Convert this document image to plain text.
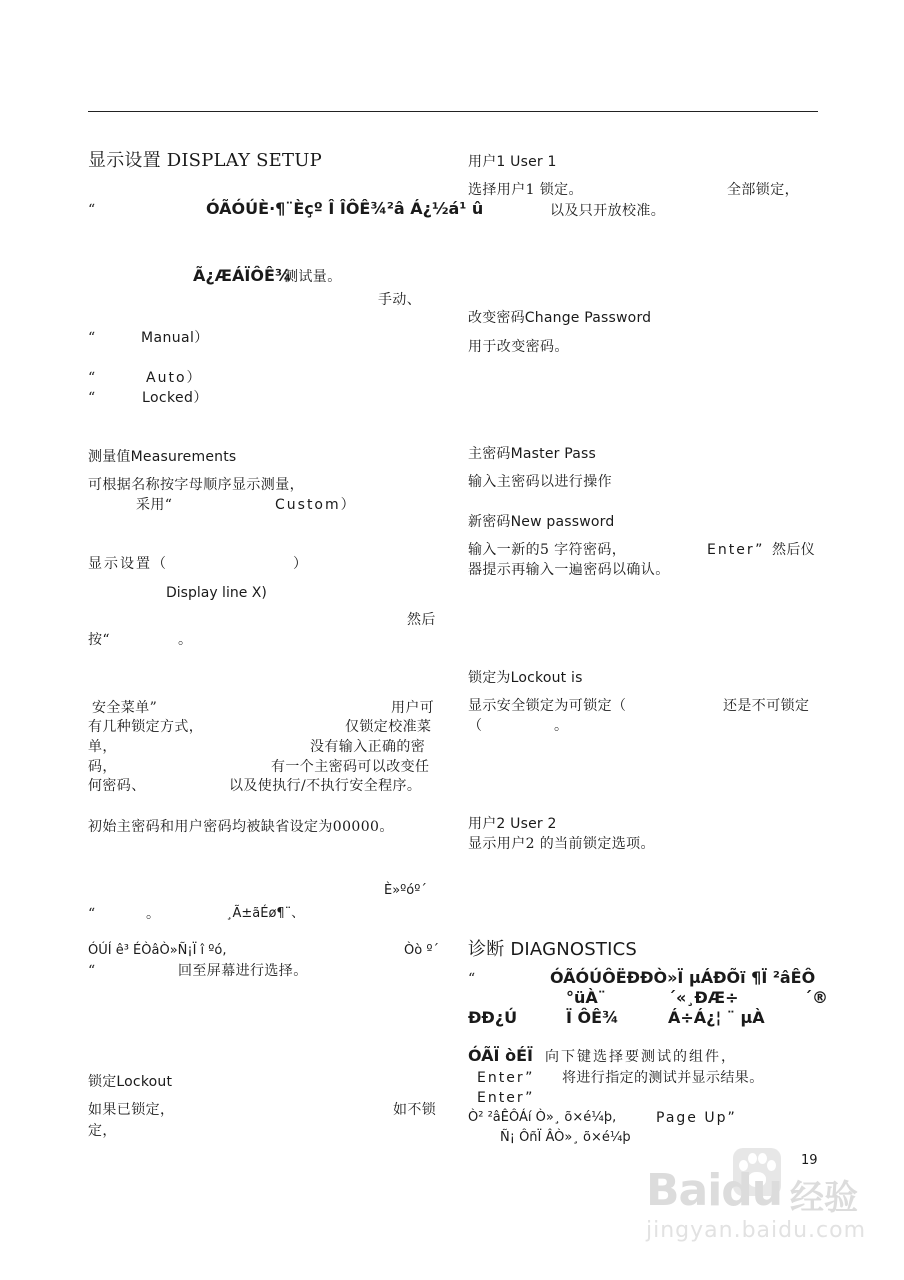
显示设置 DISPLAY SETUP
“	ÓÃÓÚÈ·¶¨Èçº Î ÎÔÊ¾²â Á¿½á¹ û
Ã¿ÆÁÏÔÊ¾
测试量。
手动、
“	Manual）
“	Auto）
“	Locked）
测量值Measurements
可根据名称按字母顺序显示测量，
采用“	Custom）
显示设置（	）
Display line X)
然后
按“	。
安全菜单”	用户可
有几种锁定方式，	仅锁定校准菜
单，	没有输入正确的密
码，	有一个主密码可以改变任
何密码、	以及使执行/不执行安全程序。
初始主密码和用户密码均被缺省设定为00000。
È»ºóº´
“	。	¸Ã±ãÉø¶¨、
ÓÚÍ ê³ ÉÒâÒ»Ñ¡Ï î ºó,	Òò º´
“	回至屏幕进行选择。
锁定Lockout
如果已锁定，	如不锁
定，
用户1 User 1
选择用户1 锁定。	全部锁定，
以及只开放校准。
改变密码Change Password
用于改变密码。
主密码Master Pass
输入主密码以进行操作
新密码New password
输入一新的5 字符密码，	Enter” 然后仪
器提示再输入一遍密码以确认。
锁定为Lockout is
显示安全锁定为可锁定（	还是不可锁定
（	。
用户2 User 2
显示用户2 的当前锁定选项。
诊断 DIAGNOSTICS
“	ÓÃÓÚÔËÐÐÒ»Ï µÁÐÕï ¶Ï ²âÊÔ
°üÀ¨	´«¸ÐÆ÷	´®
ÐÐ¿Ú	Ï ÔÊ¾	Á÷Á¿¦ ¨ µÀ
ÓÃÏ òÉÏ 向下键选择要测试的组件，
Enter” 将进行指定的测试并显示结果。
Enter”
Ò² ²âÊÔÁí Ò»¸ õ×é¼þ,	Page Up”
Ñ¡ ÔñÏ ÂÒ»¸ õ×é¼þ
19
Baidu 经验
jingyan.baidu.com
